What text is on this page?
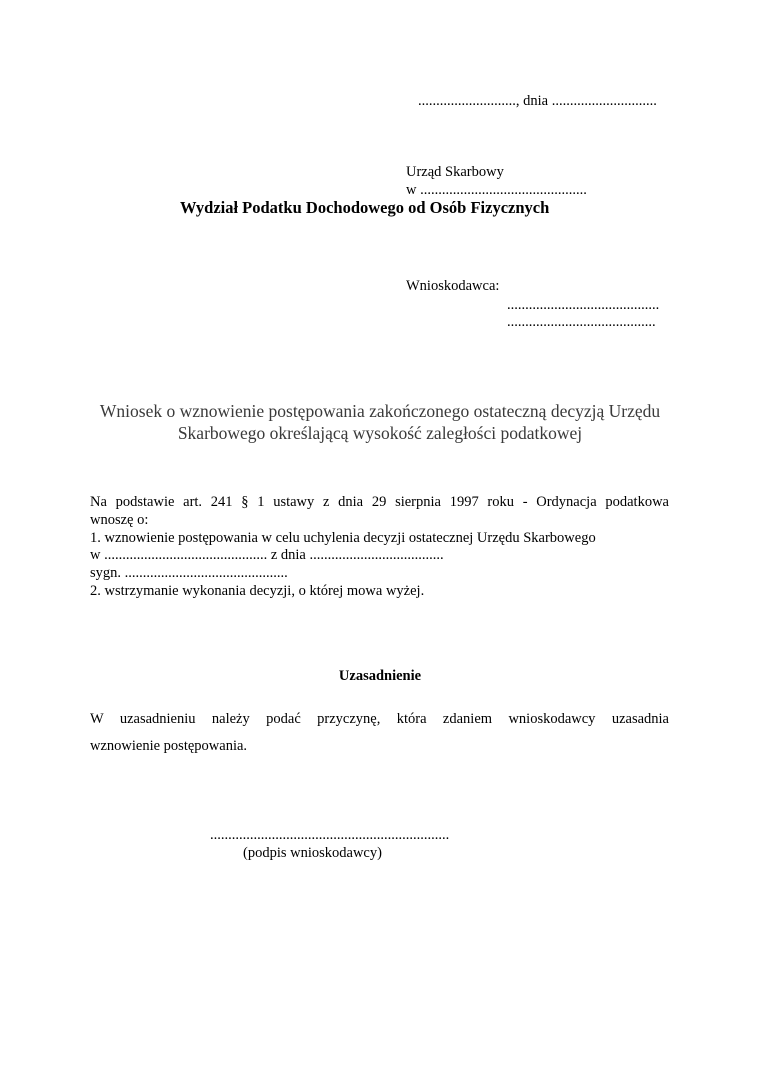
..........................., dnia .............................
Urząd Skarbowy
w ..............................................
Wydział Podatku Dochodowego od Osób Fizycznych
Wnioskodawca:
..........................................
.........................................
Wniosek o wznowienie postępowania zakończonego ostateczną decyzją Urzędu
Skarbowego określającą wysokość zaległości podatkowej
Na podstawie art. 241 § 1 ustawy z dnia 29 sierpnia 1997 roku - Ordynacja podatkowa
wnoszę o:
1. wznowienie postępowania w celu uchylenia decyzji ostatecznej Urzędu Skarbowego
w ............................................. z dnia .....................................
sygn. .............................................
2. wstrzymanie wykonania decyzji, o której mowa wyżej.
Uzasadnienie
W uzasadnieniu należy podać przyczynę, która zdaniem wnioskodawcy uzasadnia
wznowienie postępowania.
..................................................................
(podpis wnioskodawcy)
